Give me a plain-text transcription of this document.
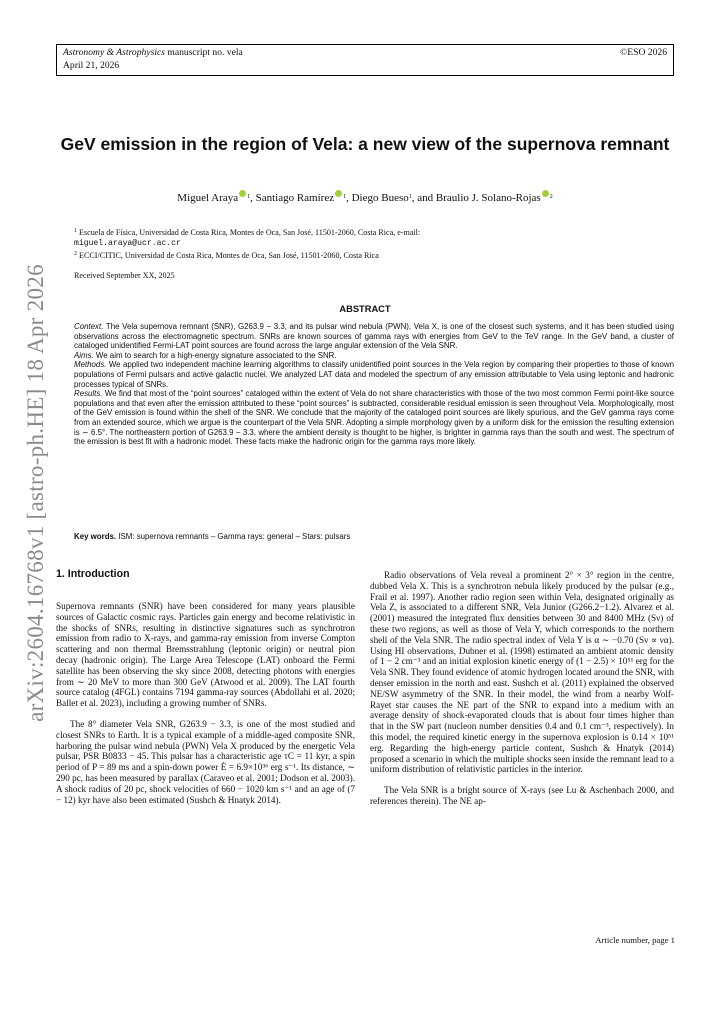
Astronomy & Astrophysics manuscript no. vela
April 21, 2026
©ESO 2026
arXiv:2604.16768v1 [astro-ph.HE] 18 Apr 2026
GeV emission in the region of Vela: a new view of the supernova remnant
Miguel Araya $^1$, Santiago Ramírez $^1$, Diego Bueso$^1$, and Braulio J. Solano-Rojas $^2$
$^1$ Escuela de Física, Universidad de Costa Rica, Montes de Oca, San José, 11501-2060, Costa Rica, e-mail:
miguel.araya@ucr.ac.cr
$^2$ ECCI/CITIC, Universidad de Costa Rica, Montes de Oca, San José, 11501-2060, Costa Rica
Received September XX, 2025
ABSTRACT

Context. The Vela supernova remnant (SNR), G263.9 − 3.3, and its pulsar wind nebula (PWN), Vela X, is one of the closest such systems, and it has been studied using observations across the electromagnetic spectrum. SNRs are known sources of gamma rays with energies from GeV to the TeV range. In the GeV band, a cluster of cataloged unidentified Fermi-LAT point sources are found across the large angular extension of the Vela SNR.

Aims. We aim to search for a high-energy signature associated to the SNR.

Methods. We applied two independent machine learning algorithms to classify unidentified point sources in the Vela region by comparing their properties to those of known populations of Fermi pulsars and active galactic nuclei. We analyzed LAT data and modeled the spectrum of any emission attributable to Vela using leptonic and hadronic processes typical of SNRs.

Results. We find that most of the “point sources” cataloged within the extent of Vela do not share characteristics with those of the two most common Fermi point-like source populations and that even after the emission attributed to these “point sources” is subtracted, considerable residual emission is seen throughout Vela. Morphologically, most of the GeV emission is found within the shell of the SNR. We conclude that the majority of the cataloged point sources are likely spurious, and the GeV gamma rays come from an extended source, which we argue is the counterpart of the Vela SNR. Adopting a simple morphology given by a uniform disk for the emission the resulting extension is ∼ 6.5°. The northeastern portion of G263.9 − 3.3, where the ambient density is thought to be higher, is brighter in gamma rays than the south and west. The spectrum of the emission is best fit with a hadronic model. These facts make the hadronic origin for the gamma rays more likely.

Key words. ISM: supernova remnants – Gamma rays: general – Stars: pulsars
1. Introduction

Supernova remnants (SNR) have been considered for many years plausible sources of Galactic cosmic rays. Particles gain energy and become relativistic in the shocks of SNRs, resulting in distinctive signatures such as synchrotron emission from radio to X-rays, and gamma-ray emission from inverse Compton scattering and non thermal Bremsstrahlung (leptonic origin) or neutral pion decay (hadronic origin). The Large Area Telescope (LAT) onboard the Fermi satellite has been observing the sky since 2008, detecting photons with energies from ∼ 20 MeV to more than 300 GeV (Atwood et al. 2009). The LAT fourth source catalog (4FGL) contains 7194 gamma-ray sources (Abdollahi et al. 2020; Ballet et al. 2023), including a growing number of SNRs.

The 8° diameter Vela SNR, G263.9 − 3.3, is one of the most studied and closest SNRs to Earth. It is a typical example of a middle-aged composite SNR, harboring the pulsar wind nebula (PWN) Vela X produced by the energetic Vela pulsar, PSR B0833 − 45. This pulsar has a characteristic age τC = 11 kyr, a spin period of P = 89 ms and a spin-down power Ė = 6.9×10³⁶ erg s⁻¹. Its distance, ∼ 290 pc, has been measured by parallax (Caraveo et al. 2001; Dodson et al. 2003). A shock radius of 20 pc, shock velocities of 660 − 1020 km s⁻¹ and an age of (7 − 12) kyr have also been estimated (Sushch & Hnatyk 2014).

Radio observations of Vela reveal a prominent 2° × 3° region in the centre, dubbed Vela X. This is a synchrotron nebula likely produced by the pulsar (e.g., Frail et al. 1997). Another radio region seen within Vela, designated originally as Vela Z, is associated to a different SNR, Vela Junior (G266.2−1.2). Alvarez et al. (2001) measured the integrated flux densities between 30 and 8400 MHz (Sν) of these two regions, as well as those of Vela Y, which corresponds to the northern shell of the Vela SNR. The radio spectral index of Vela Y is α ∼ −0.70 (Sν ∝ να). Using HI observations, Dubner et al. (1998) estimated an ambient atomic density of 1 − 2 cm⁻³ and an initial explosion kinetic energy of (1 − 2.5) × 10⁵¹ erg for the Vela SNR. They found evidence of atomic hydrogen located around the SNR, with denser emission in the north and east. Sushch et al. (2011) explained the observed NE/SW asymmetry of the SNR. In their model, the wind from a nearby Wolf-Rayet star causes the NE part of the SNR to expand into a medium with an average density of shock-evaporated clouds that is about four times higher than that in the SW part (nucleon number densities 0.4 and 0.1 cm⁻³, respectively). In this model, the required kinetic energy in the supernova explosion is 0.14 × 10⁵¹ erg. Regarding the high-energy particle content, Sushch & Hnatyk (2014) proposed a scenario in which the multiple shocks seen inside the remnant lead to a uniform distribution of relativistic particles in the interior.

The Vela SNR is a bright source of X-rays (see Lu & Aschenbach 2000, and references therein). The NE ap-

Article number, page 1
